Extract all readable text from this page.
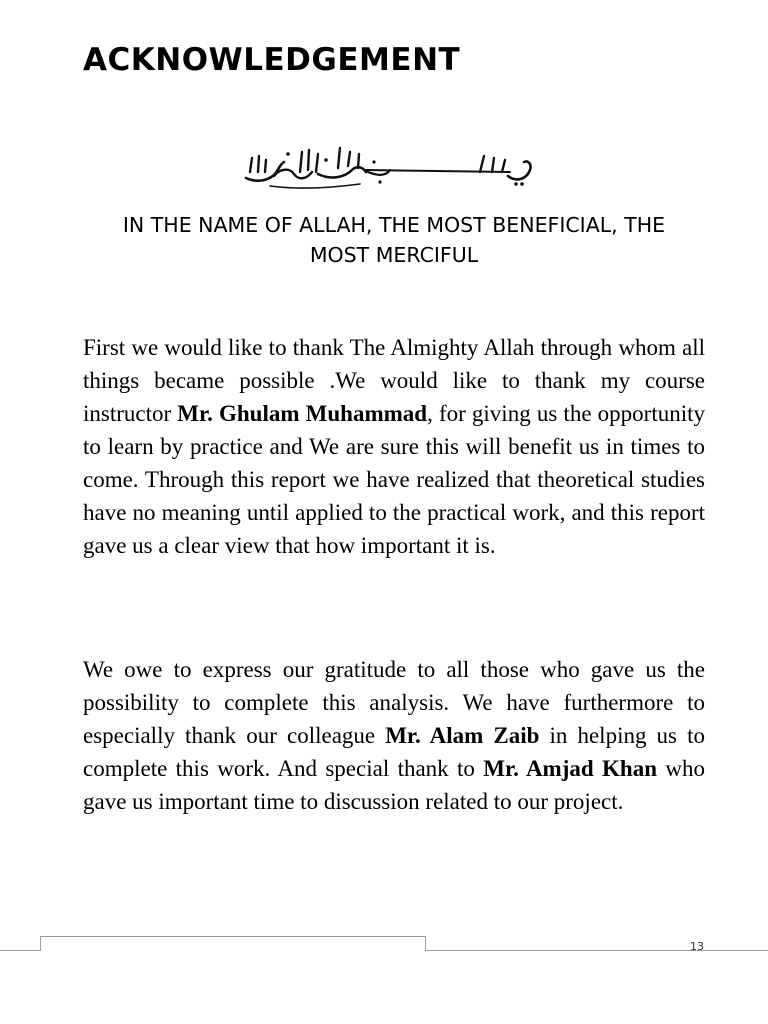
ACKNOWLEDGEMENT

IN THE NAME OF ALLAH, THE MOST BENEFICIAL, THE
MOST MERCIFUL

First we would like to thank The Almighty Allah through whom all things became possible .We would like to thank my course instructor Mr. Ghulam Muhammad, for giving us the opportunity to learn by practice and We are sure this will benefit us in times to come. Through this report we have realized that theoretical studies have no meaning until applied to the practical work, and this report gave us a clear view that how important it is.

We owe to express our gratitude to all those who gave us the possibility to complete this analysis. We have furthermore to especially thank our colleague Mr. Alam Zaib in helping us to complete this work. And special thank to Mr. Amjad Khan who gave us important time to discussion related to our project.

13
